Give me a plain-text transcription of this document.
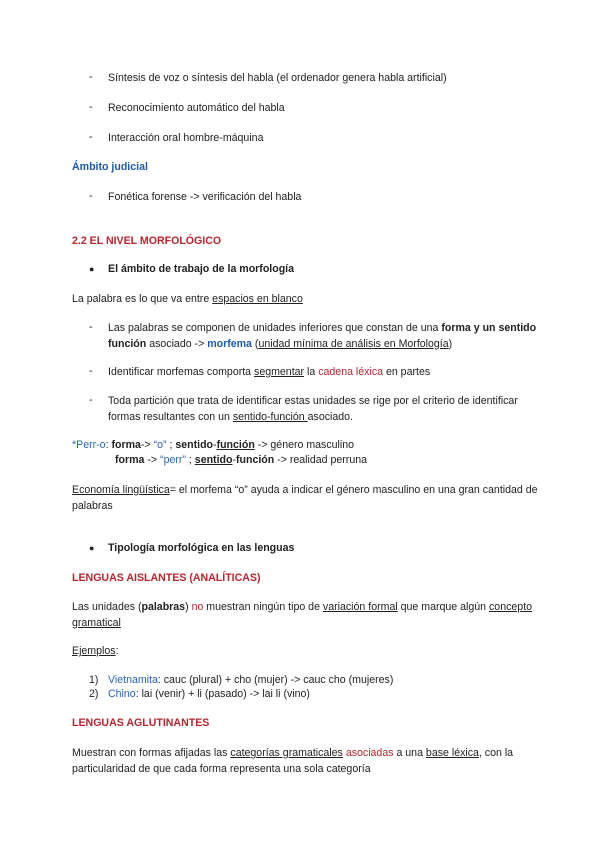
- Síntesis de voz o síntesis del habla (el ordenador genera habla artificial)
- Reconocimiento automático del habla
- Interacción oral hombre-máquina
Ámbito judicial
- Fonética forense -> verificación del habla
2.2 EL NIVEL MORFOLÓGICO
● El ámbito de trabajo de la morfología
La palabra es lo que va entre espacios en blanco
- Las palabras se componen de unidades inferiores que constan de una forma y un sentido función asociado -> morfema (unidad mínima de análisis en Morfología)
- Identificar morfemas comporta segmentar la cadena léxica en partes
- Toda partición que trata de identificar estas unidades se rige por el criterio de identificar formas resultantes con un sentido-función asociado.
*Perr-o: forma-> “o” ; sentido-función -> género masculino
forma -> “perr” ; sentido-función -> realidad perruna
Economía lingüística= el morfema “o” ayuda a indicar el género masculino en una gran cantidad de palabras
● Tipología morfológica en las lenguas
LENGUAS AISLANTES (ANALÍTICAS)
Las unidades (palabras) no muestran ningún tipo de variación formal que marque algún concepto gramatical
Ejemplos:
1) Vietnamita: cauc (plural) + cho (mujer) -> cauc cho (mujeres)
2) Chino: lai (venir) + li (pasado) -> lai li (vino)
LENGUAS AGLUTINANTES
Muestran con formas afijadas las categorías gramaticales asociadas a una base léxica, con la particularidad de que cada forma representa una sola categoría
